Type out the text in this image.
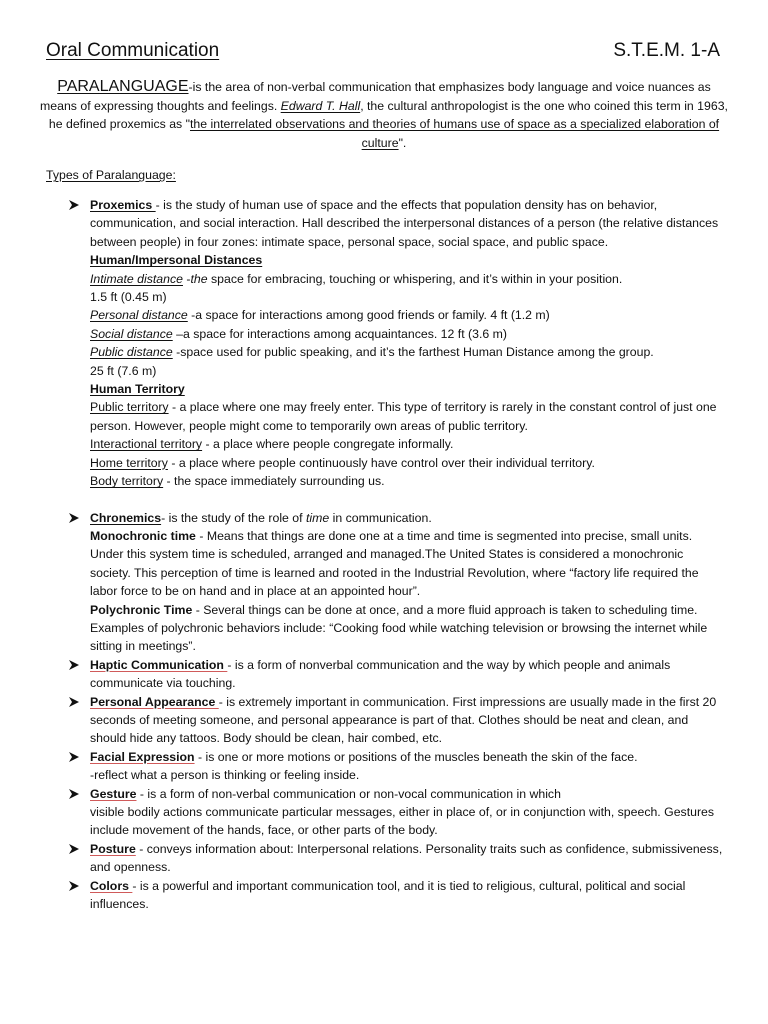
Oral Communication	S.T.E.M. 1-A
PARALANGUAGE-is the area of non-verbal communication that emphasizes body language and voice nuances as means of expressing thoughts and feelings. Edward T. Hall, the cultural anthropologist is the one who coined this term in 1963, he defined proxemics as "the interrelated observations and theories of humans use of space as a specialized elaboration of culture".
Types of Paralanguage:
Proxemics - is the study of human use of space and the effects that population density has on behavior, communication, and social interaction. Hall described the interpersonal distances of a person (the relative distances between people) in four zones: intimate space, personal space, social space, and public space.
Human/Impersonal Distances
Intimate distance -the space for embracing, touching or whispering, and it’s within in your position.
1.5 ft (0.45 m)
Personal distance -a space for interactions among good friends or family. 4 ft (1.2 m)
Social distance –a space for interactions among acquaintances. 12 ft (3.6 m)
Public distance -space used for public speaking, and it’s the farthest Human Distance among the group.
25 ft (7.6 m)
Human Territory
Public territory - a place where one may freely enter. This type of territory is rarely in the constant control of just one person. However, people might come to temporarily own areas of public territory.
Interactional territory - a place where people congregate informally.
Home territory - a place where people continuously have control over their individual territory.
Body territory - the space immediately surrounding us.
Chronemics- is the study of the role of time in communication.
Monochronic time - Means that things are done one at a time and time is segmented into precise, small units. Under this system time is scheduled, arranged and managed.The United States is considered a monochronic society. This perception of time is learned and rooted in the Industrial Revolution, where “factory life required the labor force to be on hand and in place at an appointed hour”.
Polychronic Time - Several things can be done at once, and a more fluid approach is taken to scheduling time.
Examples of polychronic behaviors include: “Cooking food while watching television or browsing the internet while sitting in meetings”.
Haptic Communication - is a form of nonverbal communication and the way by which people and animals communicate via touching.
Personal Appearance - is extremely important in communication. First impressions are usually made in the first 20 seconds of meeting someone, and personal appearance is part of that. Clothes should be neat and clean, and should hide any tattoos. Body should be clean, hair combed, etc.
Facial Expression - is one or more motions or positions of the muscles beneath the skin of the face.
-reflect what a person is thinking or feeling inside.
Gesture - is a form of non-verbal communication or non-vocal communication in which
visible bodily actions communicate particular messages, either in place of, or in conjunction with, speech. Gestures include movement of the hands, face, or other parts of the body.
Posture - conveys information about: Interpersonal relations. Personality traits such as confidence, submissiveness, and openness.
Colors - is a powerful and important communication tool, and it is tied to religious, cultural, political and social influences.
